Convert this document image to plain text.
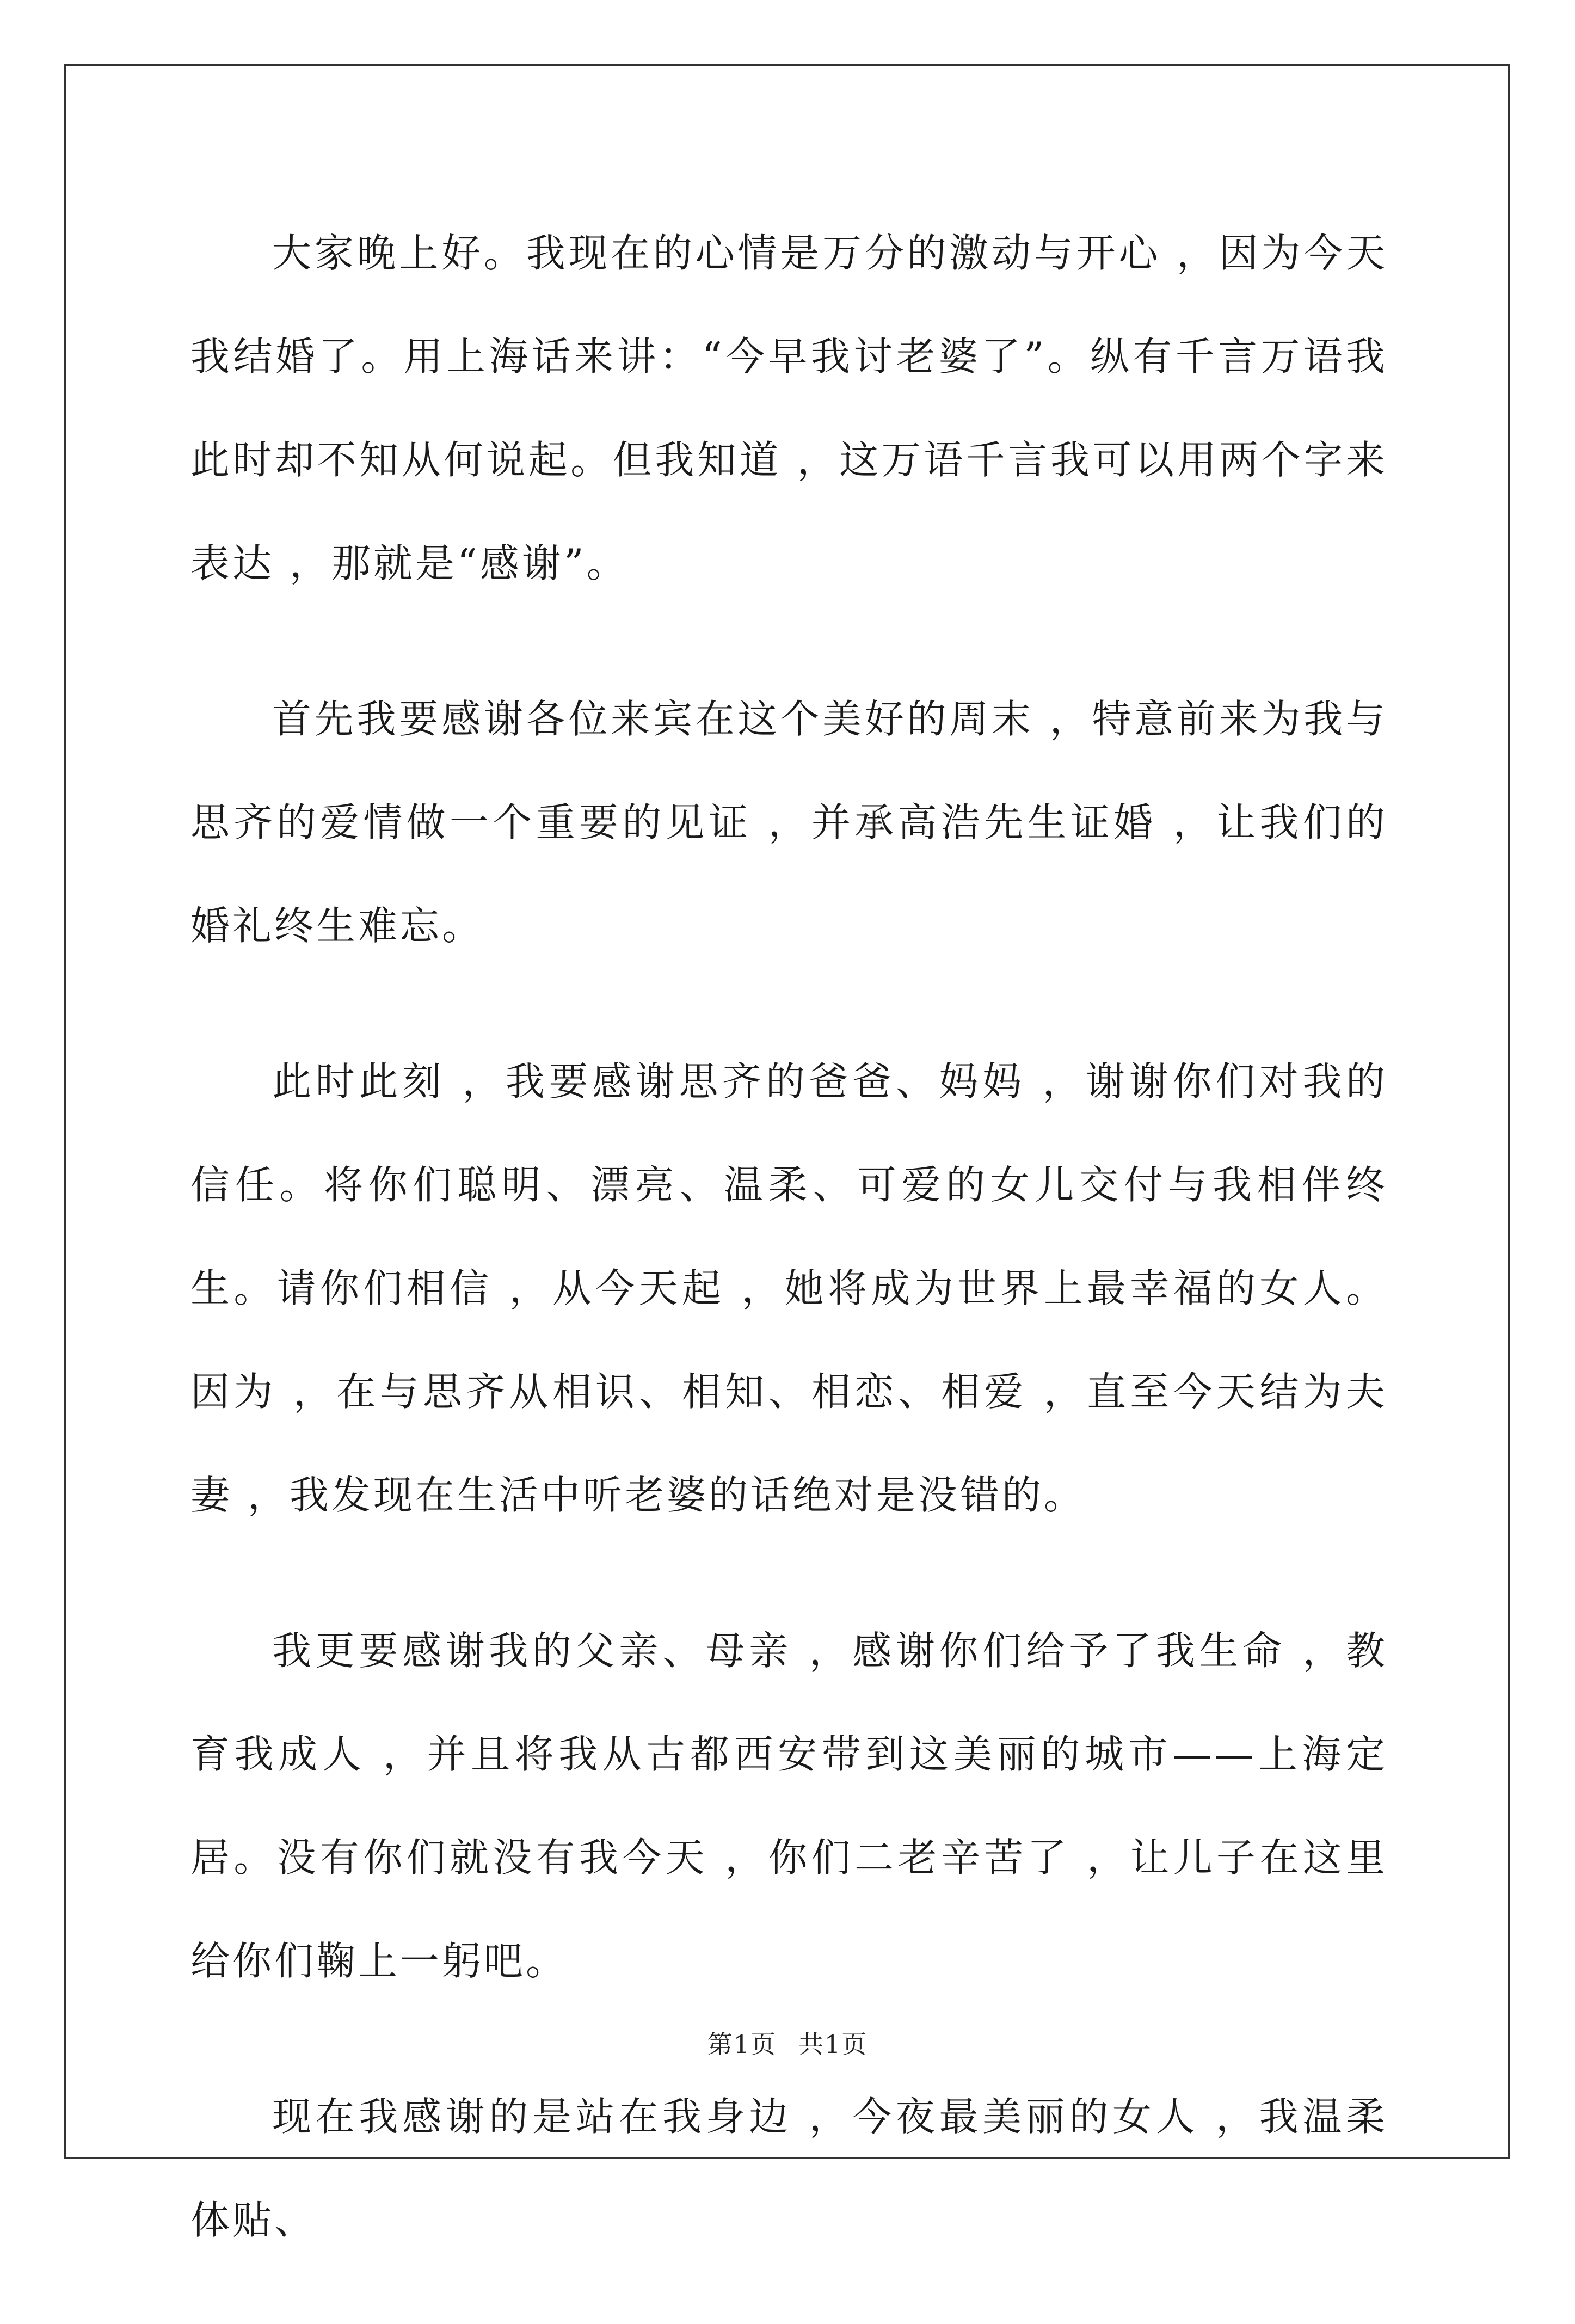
大家晚上好。我现在的心情是万分的激动与开心 ，因为今天我结婚了。用上海话来讲：“今早我讨老婆了”。纵有千言万语我此时却不知从何说起。但我知道 ，这万语千言我可以用两个字来表达 ，那就是“感谢”。

首先我要感谢各位来宾在这个美好的周末 ，特意前来为我与思齐的爱情做一个重要的见证 ，并承高浩先生证婚 ，让我们的婚礼终生难忘。

此时此刻 ，我要感谢思齐的爸爸、妈妈 ，谢谢你们对我的信任。将你们聪明、漂亮、温柔、可爱的女儿交付与我相伴终生。请你们相信 ，从今天起 ，她将成为世界上最幸福的女人。因为 ，在与思齐从相识、相知、相恋、相爱 ，直至今天结为夫妻 ，我发现在生活中听老婆的话绝对是没错的。

我更要感谢我的父亲、母亲 ，感谢你们给予了我生命 ，教育我成人 ，并且将我从古都西安带到这美丽的城市——上海定居。没有你们就没有我今天 ，你们二老辛苦了 ，让儿子在这里给你们鞠上一躬吧。

现在我感谢的是站在我身边 ，今夜最美丽的女人 ，我温柔体贴、

第1页 共1页
